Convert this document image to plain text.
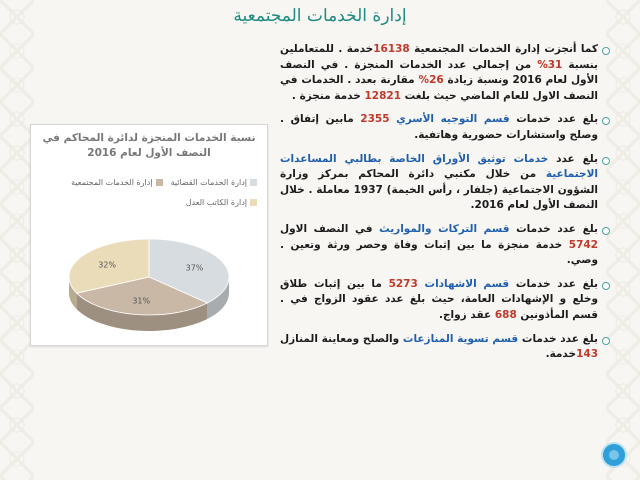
إدارة الخدمات المجتمعية
كما أنجزت إدارة الخدمات المجتمعية 16138خدمة . للمتعاملين بنسبة 31% من إجمالي عدد الخدمات المنجزة . في النصف الأول لعام 2016 ونسبة زيادة 26% مقارنة بعدد . الخدمات في النصف الاول للعام الماضي حيث بلغت 12821 خدمة منجزة .
بلغ عدد خدمات قسم التوجيه الأسري 2355 مابين إتفاق . وصلح واستشارات حضورية وهاتفية.
بلغ عدد خدمات توثيق الأوراق الخاصة بطالبي المساعدات الاجتماعية من خلال مكتبي دائرة المحاكم بمركز وزارة الشؤون الاجتماعية (جلفار ، رأس الخيمة) 1937 معاملة . خلال النصف الأول لعام 2016.
بلغ عدد خدمات قسم التركات والمواريث في النصف الاول 5742 خدمة منجزة ما بين إثبات وفاة وحصر ورثة وتعين . وصي.
بلغ عدد خدمات قسم الاشهادات 5273 ما بين إثبات طلاق وخلع و الإشهادات العامة، حيث بلغ عدد عقود الزواج في . قسم المأذونين 688 عقد زواج.
بلغ عدد خدمات قسم تسوية المنازعات والصلح ومعاينة المنازل 143خدمة.
نسبة الخدمات المنجزة لدائرة المحاكم في النصف الأول لعام 2016
إدارة الخدمات القضائيةإدارة الخدمات المجتمعيةإدارة الكاتب العدل
37%
31%
32%
